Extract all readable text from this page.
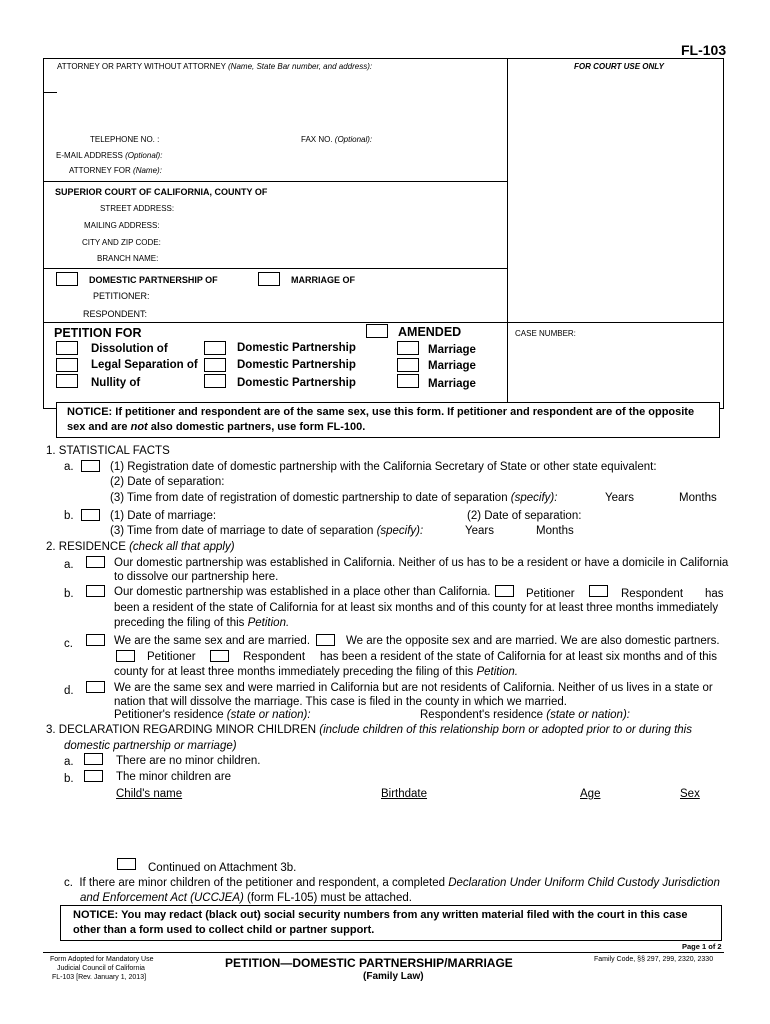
FL-103
ATTORNEY OR PARTY WITHOUT ATTORNEY (Name, State Bar number, and address):	FOR COURT USE ONLY
TELEPHONE NO. :	FAX NO. (Optional):
E-MAIL ADDRESS (Optional):
ATTORNEY FOR (Name):
SUPERIOR COURT OF CALIFORNIA, COUNTY OF
STREET ADDRESS:
MAILING ADDRESS:
CITY AND ZIP CODE:
BRANCH NAME:
DOMESTIC PARTNERSHIP OF	MARRIAGE OF
PETITIONER:
RESPONDENT:
PETITION FOR	AMENDED	CASE NUMBER:
Dissolution of	Domestic Partnership	Marriage
Legal Separation of	Domestic Partnership	Marriage
Nullity of	Domestic Partnership	Marriage
NOTICE: If petitioner and respondent are of the same sex, use this form. If petitioner and respondent are of the opposite
sex and are not also domestic partners, use form FL-100.
1. STATISTICAL FACTS
a.	(1) Registration date of domestic partnership with the California Secretary of State or other state equivalent:
(2) Date of separation:
(3) Time from date of registration of domestic partnership to date of separation (specify):	Years	Months
b.	(1) Date of marriage:	(2) Date of separation:
(3) Time from date of marriage to date of separation (specify):	Years	Months
2. RESIDENCE (check all that apply)
a.	Our domestic partnership was established in California. Neither of us has to be a resident or have a domicile in California
to dissolve our partnership here.
b.	Our domestic partnership was established in a place other than California.	Petitioner	Respondent has
been a resident of the state of California for at least six months and of this county for at least three months immediately
preceding the filing of this Petition.
c.	We are the same sex and are married.	We are the opposite sex and are married. We are also domestic partners.
Petitioner	Respondent has been a resident of the state of California for at least six months and of this
county for at least three months immediately preceding the filing of this Petition.
d.	We are the same sex and were married in California but are not residents of California. Neither of us lives in a state or
nation that will dissolve the marriage. This case is filed in the county in which we married.
Petitioner's residence (state or nation):	Respondent's residence (state or nation):
3. DECLARATION REGARDING MINOR CHILDREN (include children of this relationship born or adopted prior to or during this
domestic partnership or marriage)
a.	There are no minor children.
b.	The minor children are
Child's name	Birthdate	Age	Sex
Continued on Attachment 3b.
c. If there are minor children of the petitioner and respondent, a completed Declaration Under Uniform Child Custody Jurisdiction
and Enforcement Act (UCCJEA) (form FL-105) must be attached.
NOTICE: You may redact (black out) social security numbers from any written material filed with the court in this case
other than a form used to collect child or partner support.
Page 1 of 2
Form Adopted for Mandatory Use
Judicial Council of California
FL-103 [Rev. January 1, 2013]
PETITION—DOMESTIC PARTNERSHIP/MARRIAGE
(Family Law)
Family Code, §§ 297, 299, 2320, 2330
